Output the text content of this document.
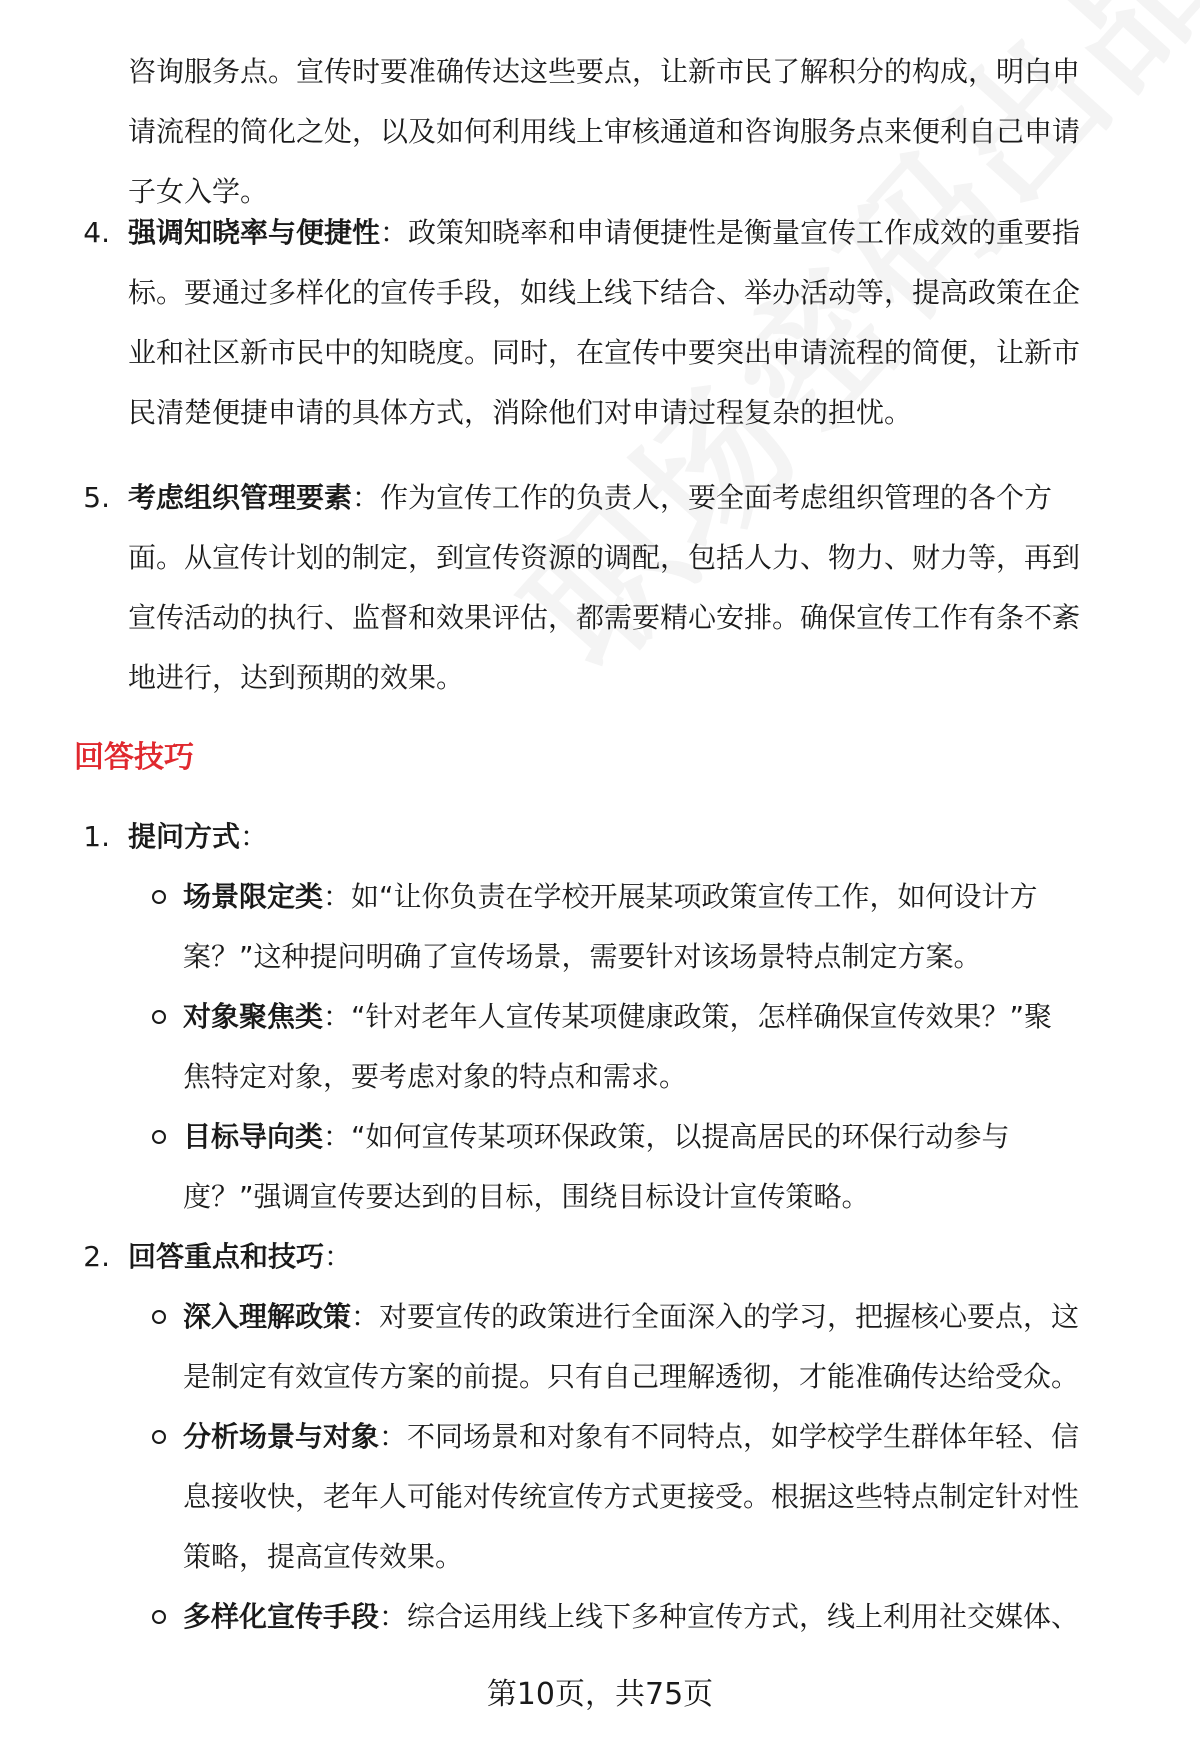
咨询服务点。宣传时要准确传达这些要点，让新市民了解积分的构成，明白申
请流程的简化之处，以及如何利用线上审核通道和咨询服务点来便利自己申请
子女入学。

4. 强调知晓率与便捷性：政策知晓率和申请便捷性是衡量宣传工作成效的重要指
标。要通过多样化的宣传手段，如线上线下结合、举办活动等，提高政策在企
业和社区新市民中的知晓度。同时，在宣传中要突出申请流程的简便，让新市
民清楚便捷申请的具体方式，消除他们对申请过程复杂的担忧。

5. 考虑组织管理要素：作为宣传工作的负责人，要全面考虑组织管理的各个方
面。从宣传计划的制定，到宣传资源的调配，包括人力、物力、财力等，再到
宣传活动的执行、监督和效果评估，都需要精心安排。确保宣传工作有条不紊
地进行，达到预期的效果。

回答技巧
1. 提问方式：

场景限定类：如“让你负责在学校开展某项政策宣传工作，如何设计方
案？”这种提问明确了宣传场景，需要针对该场景特点制定方案。

对象聚焦类：“针对老年人宣传某项健康政策，怎样确保宣传效果？”聚
焦特定对象，要考虑对象的特点和需求。

目标导向类：“如何宣传某项环保政策，以提高居民的环保行动参与
度？”强调宣传要达到的目标，围绕目标设计宣传策略。

2. 回答重点和技巧：

深入理解政策：对要宣传的政策进行全面深入的学习，把握核心要点，这
是制定有效宣传方案的前提。只有自己理解透彻，才能准确传达给受众。

分析场景与对象：不同场景和对象有不同特点，如学校学生群体年轻、信
息接收快，老年人可能对传统宣传方式更接受。根据这些特点制定针对性
策略，提高宣传效果。

多样化宣传手段：综合运用线上线下多种宣传方式，线上利用社交媒体、

第10页，共75页
